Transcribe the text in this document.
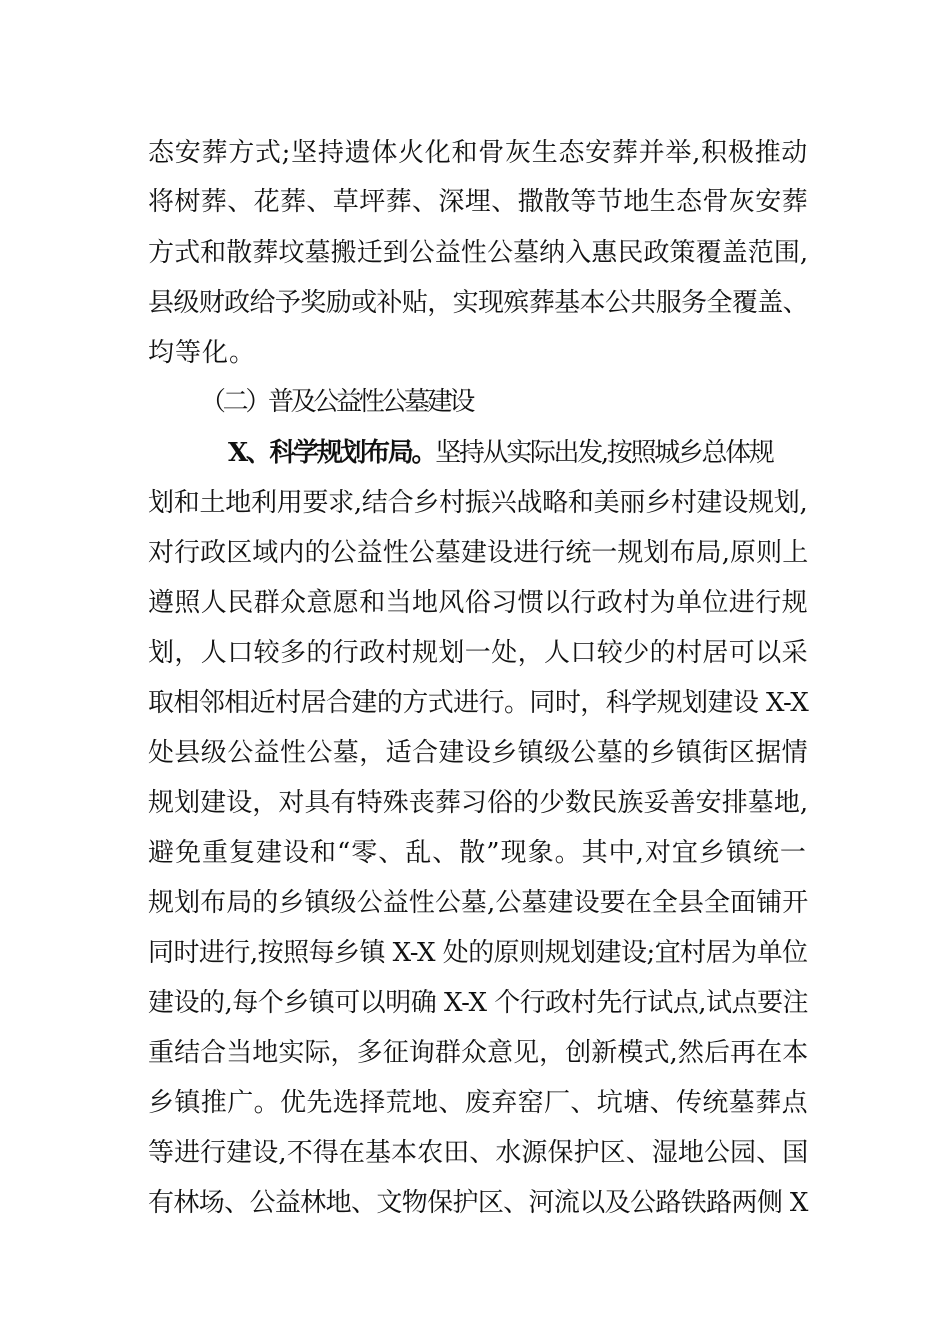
态安葬方式;坚持遗体火化和骨灰生态安葬并举,积极推动
将树葬、花葬、草坪葬、深埋、撒散等节地生态骨灰安葬
方式和散葬坟墓搬迁到公益性公墓纳入惠民政策覆盖范围,
县级财政给予奖励或补贴，实现殡葬基本公共服务全覆盖、
均等化。
（二）普及公益性公墓建设
X、科学规划布局。坚持从实际出发,按照城乡总体规
划和土地利用要求,结合乡村振兴战略和美丽乡村建设规划,
对行政区域内的公益性公墓建设进行统一规划布局,原则上
遵照人民群众意愿和当地风俗习惯以行政村为单位进行规
划，人口较多的行政村规划一处，人口较少的村居可以采
取相邻相近村居合建的方式进行。同时，科学规划建设 X-X
处县级公益性公墓，适合建设乡镇级公墓的乡镇街区据情
规划建设，对具有特殊丧葬习俗的少数民族妥善安排墓地,
避免重复建设和“零、乱、散”现象。其中,对宜乡镇统一
规划布局的乡镇级公益性公墓,公墓建设要在全县全面铺开
同时进行,按照每乡镇 X-X 处的原则规划建设;宜村居为单位
建设的,每个乡镇可以明确 X-X 个行政村先行试点,试点要注
重结合当地实际，多征询群众意见，创新模式,然后再在本
乡镇推广。优先选择荒地、废弃窑厂、坑塘、传统墓葬点
等进行建设,不得在基本农田、水源保护区、湿地公园、国
有林场、公益林地、文物保护区、河流以及公路铁路两侧 X
